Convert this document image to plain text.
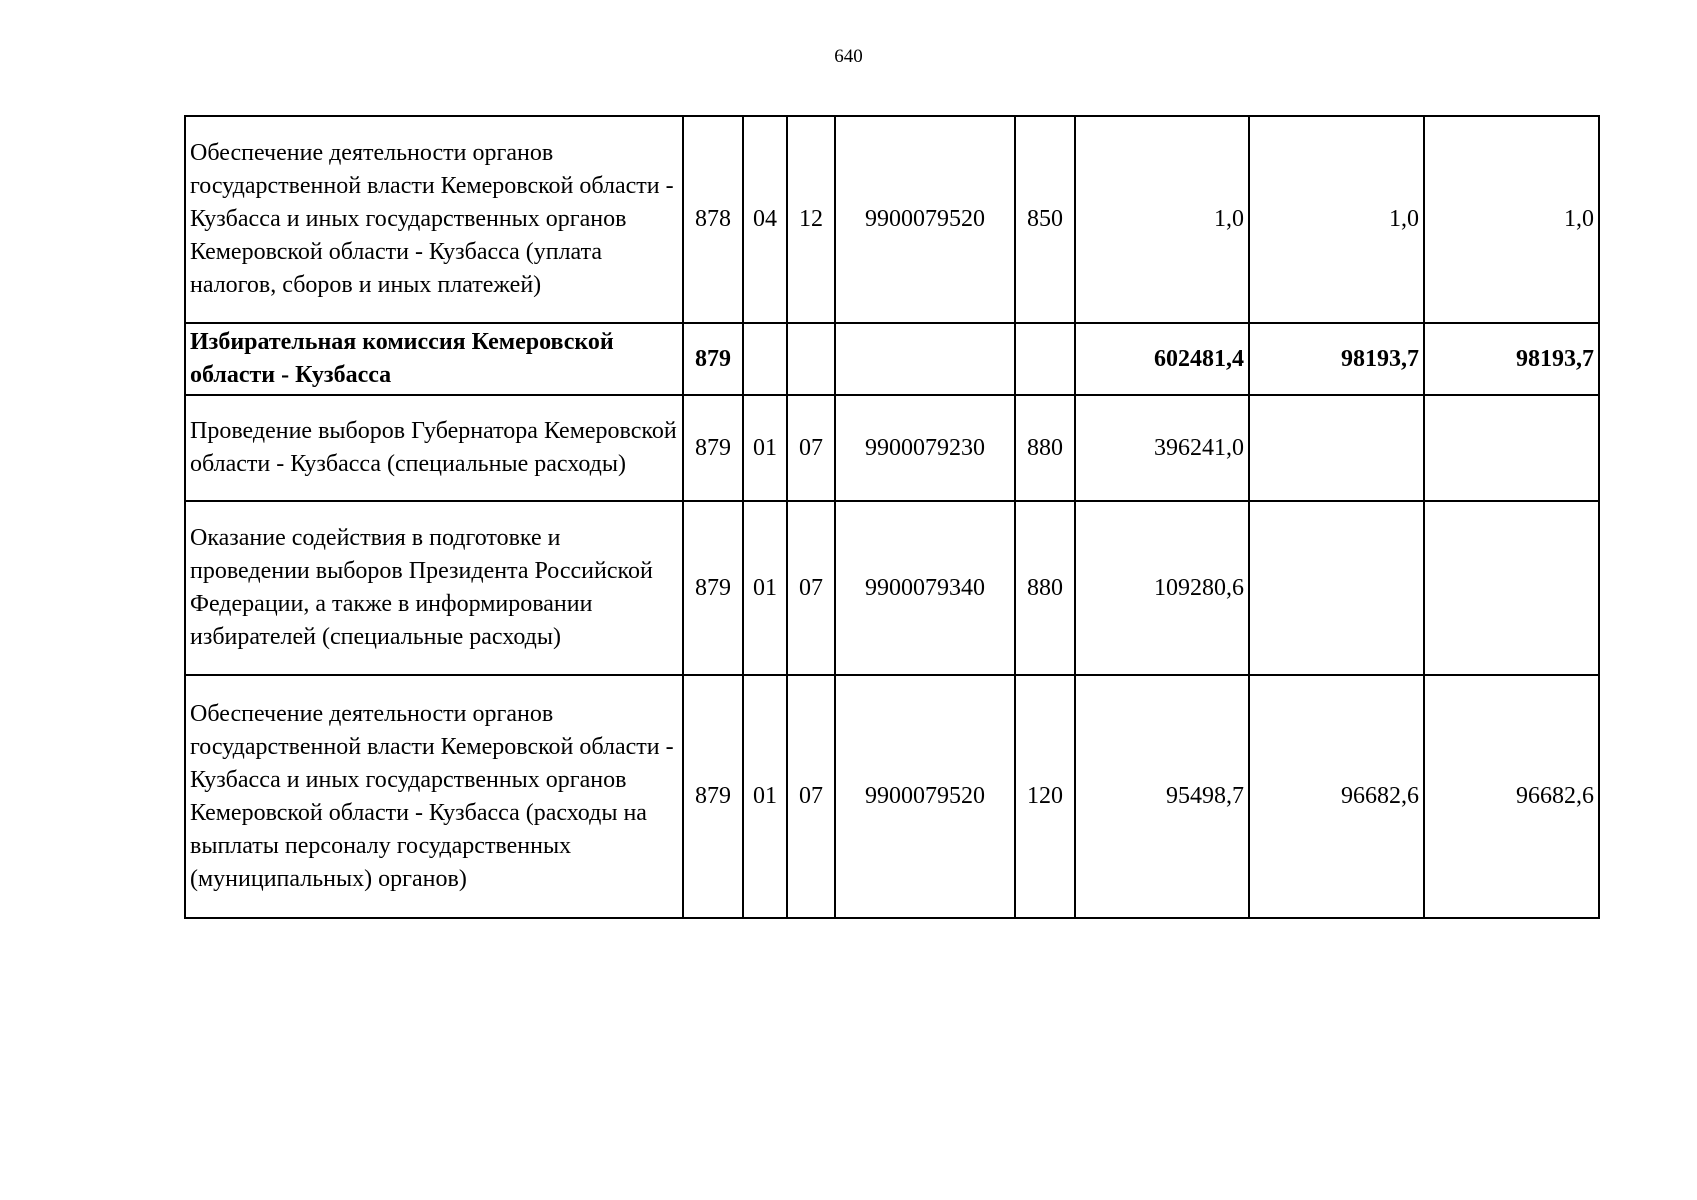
640
Обеспечение деятельности органов государственной власти Кемеровской области - Кузбасса и иных государственных органов Кемеровской области - Кузбасса (уплата налогов, сборов и иных платежей)	878	04	12	9900079520	850	1,0	1,0	1,0
Избирательная комиссия Кемеровской области - Кузбасса	879					602481,4	98193,7	98193,7
Проведение выборов Губернатора Кемеровской области - Кузбасса (специальные расходы)	879	01	07	9900079230	880	396241,0		
Оказание содействия в подготовке и проведении выборов Президента Российской Федерации, а также в информировании избирателей (специальные расходы)	879	01	07	9900079340	880	109280,6		
Обеспечение деятельности органов государственной власти Кемеровской области - Кузбасса и иных государственных органов Кемеровской области - Кузбасса (расходы на выплаты персоналу государственных (муниципальных) органов)	879	01	07	9900079520	120	95498,7	96682,6	96682,6
